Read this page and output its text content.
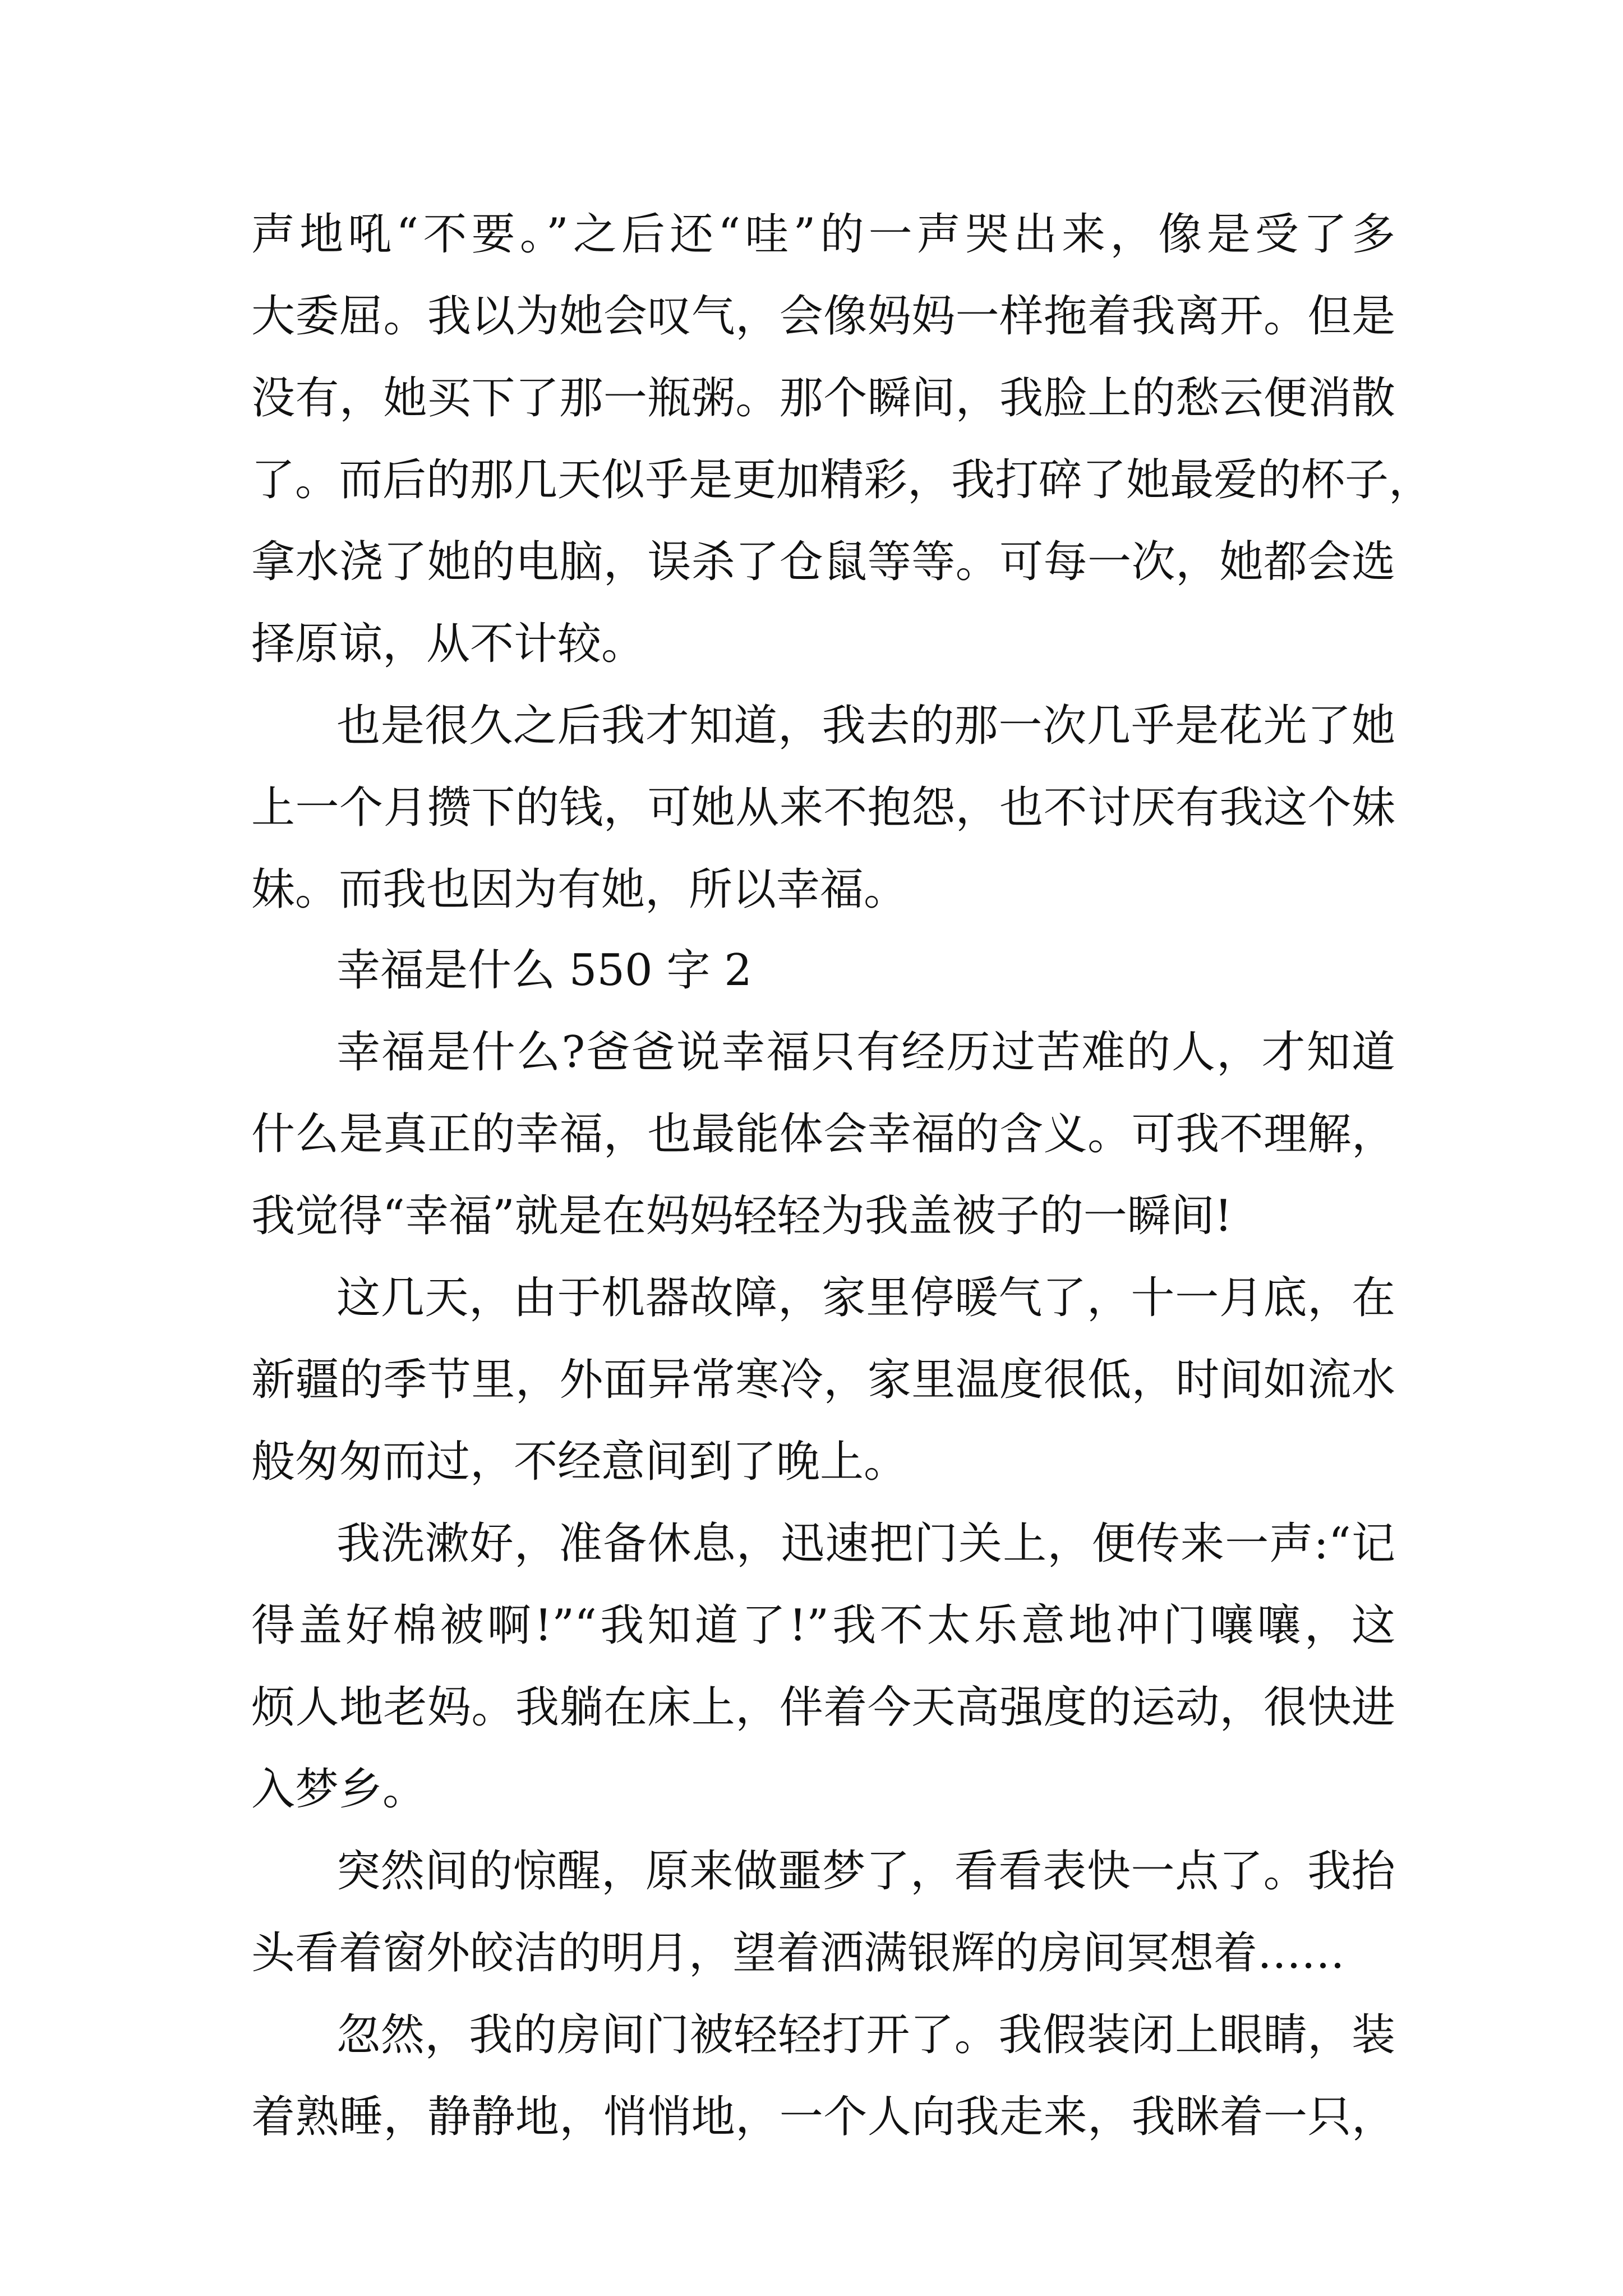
声地吼“不要。”之后还“哇”的一声哭出来，像是受了多
大委屈。我以为她会叹气，会像妈妈一样拖着我离开。但是
没有，她买下了那一瓶粥。那个瞬间，我脸上的愁云便消散
了。而后的那几天似乎是更加精彩，我打碎了她最爱的杯子，
拿水浇了她的电脑，误杀了仓鼠等等。可每一次，她都会选
择原谅，从不计较。
也是很久之后我才知道，我去的那一次几乎是花光了她
上一个月攒下的钱，可她从来不抱怨，也不讨厌有我这个妹
妹。而我也因为有她，所以幸福。
幸福是什么 550 字 2
幸福是什么?爸爸说幸福只有经历过苦难的人，才知道
什么是真正的幸福，也最能体会幸福的含义。可我不理解，
我觉得“幸福”就是在妈妈轻轻为我盖被子的一瞬间!
这几天，由于机器故障，家里停暖气了，十一月底，在
新疆的季节里，外面异常寒冷，家里温度很低，时间如流水
般匆匆而过，不经意间到了晚上。
我洗漱好，准备休息，迅速把门关上，便传来一声:“记
得盖好棉被啊!”“我知道了!”我不太乐意地冲门嚷嚷，这
烦人地老妈。我躺在床上，伴着今天高强度的运动，很快进
入梦乡。
突然间的惊醒，原来做噩梦了，看看表快一点了。我抬
头看着窗外皎洁的明月，望着洒满银辉的房间冥想着……
忽然，我的房间门被轻轻打开了。我假装闭上眼睛，装
着熟睡，静静地，悄悄地，一个人向我走来，我眯着一只，
